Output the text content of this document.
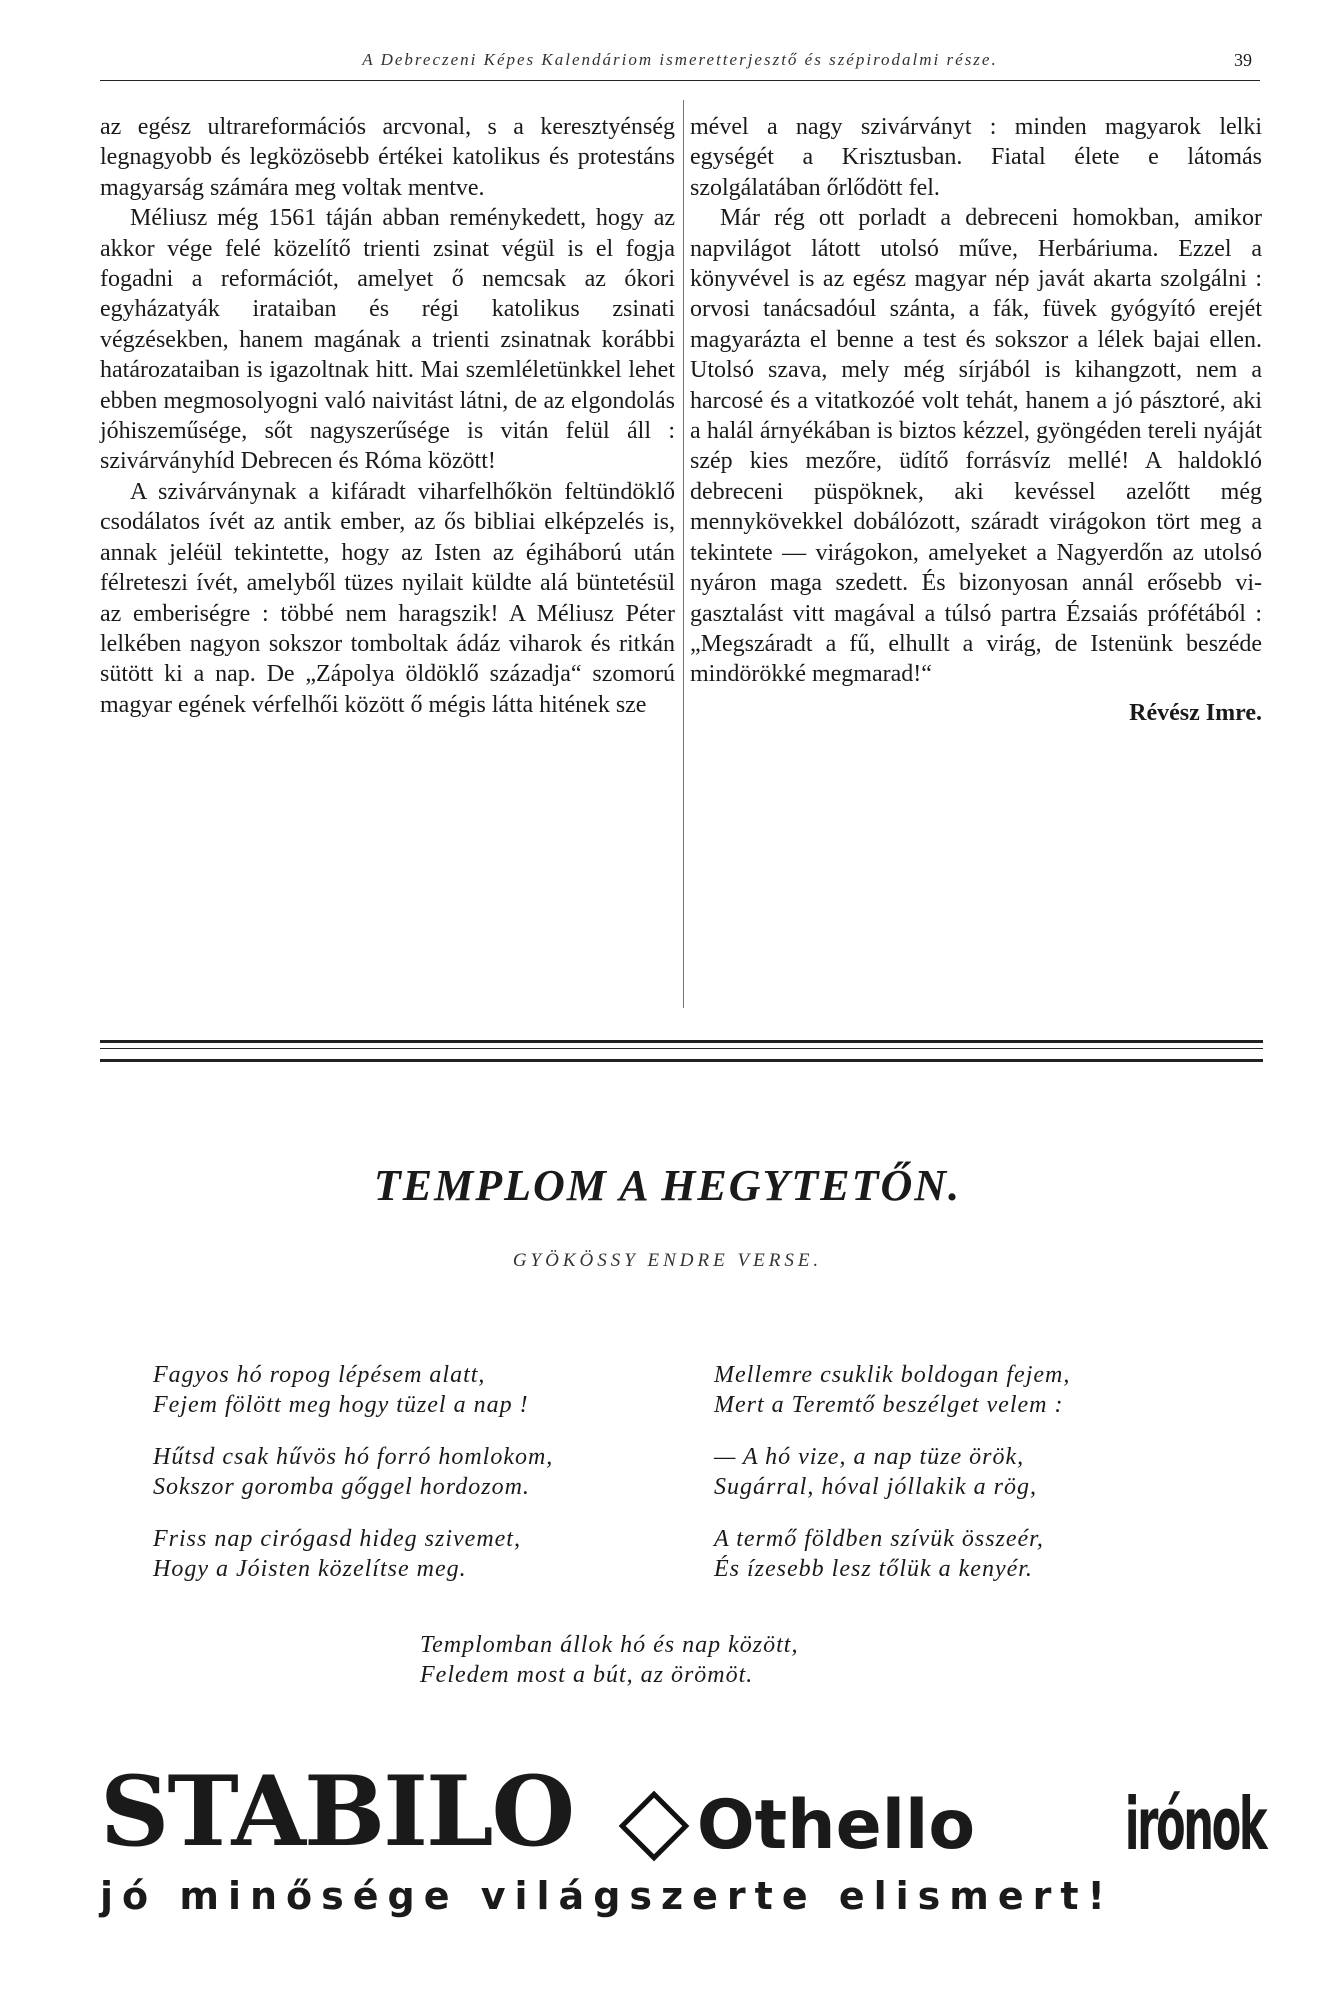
A Debreczeni Képes Kalendáriom ismeretterjesztő és szépirodalmi része.	39

az egész ultrareformációs arcvonal, s a keresztyénség legnagyobb és legközösebb értékei katolikus és protestáns magyarság számára meg voltak mentve.

Méliusz még 1561 táján abban reménykedett, hogy az akkor vége felé közelítő trienti zsinat végül is el fogja fogadni a reformációt, amelyet ő nemcsak az ókori egyházatyák irataiban és régi katolikus zsinati végzésekben, hanem magának a trienti zsinatnak korábbi határozataiban is igazoltnak hitt. Mai szemléletünkkel lehet ebben megmosolyogni való naivitást látni, de az elgondolás jóhiszeműsége, sőt nagyszerűsége is vitán felül áll : szivárványhíd Debrecen és Róma között!

A szivárványnak a kifáradt viharfelhőkön feltündöklő csodálatos ívét az antik ember, az ős bibliai elképzelés is, annak jeléül tekintette, hogy az Isten az égiháború után félreteszi ívét, amelyből tüzes nyilait küldte alá büntetésül az emberiségre : többé nem haragszik! A Méliusz Péter lelkében nagyon sokszor tomboltak ádáz viharok és ritkán sütött ki a nap. De „Zápolya öldöklő századja“ szomorú magyar egének vérfelhői között ő mégis látta hitének sze

mével a nagy szivárványt : minden magyarok lelki egységét a Krisztusban. Fiatal élete e látomás szolgálatában őrlődött fel.

Már rég ott porladt a debreceni homokban, amikor napvilágot látott utolsó műve, Herbáriuma. Ezzel a könyvével is az egész magyar nép javát akarta szolgálni : orvosi tanácsadóul szánta, a fák, füvek gyógyító erejét magyarázta el benne a test és sokszor a lélek bajai ellen. Utolsó szava, mely még sírjából is kihangzott, nem a harcosé és a vitatkozóé volt tehát, hanem a jó pásztoré, aki a halál árnyékában is biztos kézzel, gyöngéden tereli nyáját szép kies mezőre, üdítő forrásvíz mellé! A haldokló debreceni püspöknek, aki kevéssel azelőtt még mennykövekkel dobálózott, száradt virágokon tört meg a tekintete — virágokon, amelyeket a Nagyerdőn az utolsó nyáron maga szedett. És bizonyosan annál erősebb vigasztalást vitt magával a túlsó partra Ézsaiás prófétából : „Megszáradt a fű, elhullt a virág, de Istenünk beszéde mindörökké megmarad!“

Révész Imre.

TEMPLOM A HEGYTETŐN.
GYÖKÖSSY ENDRE VERSE.
Fagyos hó ropog lépésem alatt,
Fejem fölött meg hogy tüzel a nap !
Hűtsd csak hűvös hó forró homlokom,
Sokszor goromba gőggel hordozom.
Friss nap cirógasd hideg szivemet,
Hogy a Jóisten közelítse meg.
Mellemre csuklik boldogan fejem,
Mert a Teremtő beszélget velem :
— A hó vize, a nap tüze örök,
Sugárral, hóval jóllakik a rög,
A termő földben szívük összeér,
És ízesebb lesz tőlük a kenyér.
Templomban állok hó és nap között,
Feledem most a bút, az örömöt.
STABILO Othello irónok
jó minősége világszerte elismert!
